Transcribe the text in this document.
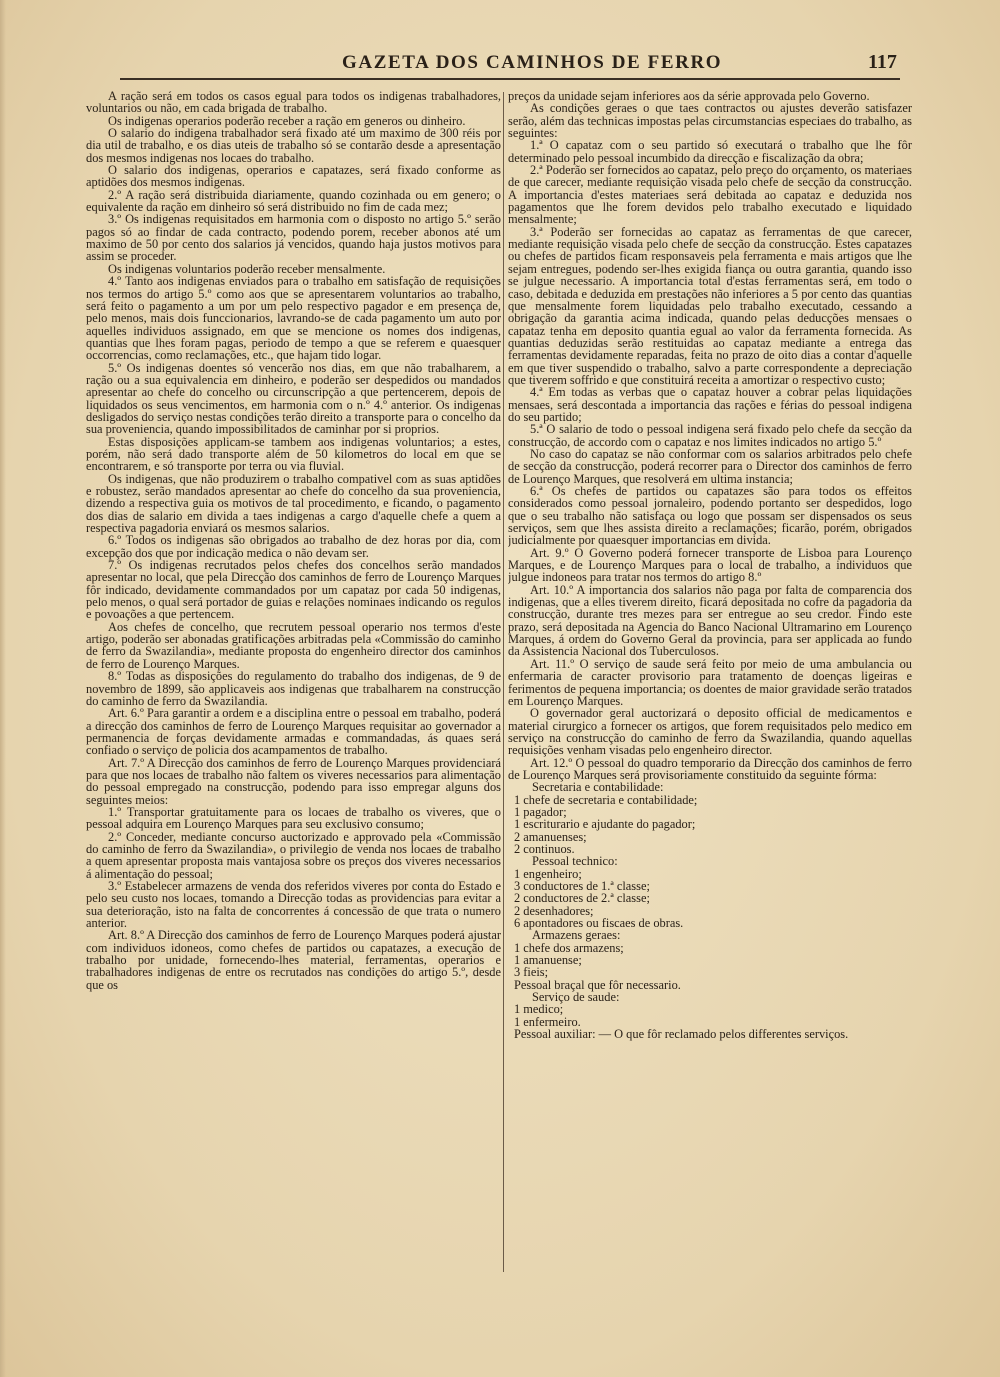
GAZETA DOS CAMINHOS DE FERRO	117

A ração será em todos os casos egual para todos os indigenas trabalhadores, voluntarios ou não, em cada brigada de trabalho.

Os indigenas operarios poderão receber a ração em generos ou dinheiro.

O salario do indigena trabalhador será fixado até um maximo de 300 réis por dia util de trabalho, e os dias uteis de trabalho só se contarão desde a apresentação dos mesmos indigenas nos locaes do trabalho.

O salario dos indigenas, operarios e capatazes, será fixado conforme as aptidões dos mesmos indigenas.

2.º A ração será distribuida diariamente, quando cozinhada ou em genero; o equivalente da ração em dinheiro só será distribuido no fim de cada mez;

3.º Os indigenas requisitados em harmonia com o disposto no artigo 5.º serão pagos só ao findar de cada contracto, podendo porem, receber abonos até um maximo de 50 por cento dos salarios já vencidos, quando haja justos motivos para assim se proceder.

Os indigenas voluntarios poderão receber mensalmente.

4.º Tanto aos indigenas enviados para o trabalho em satisfação de requisições nos termos do artigo 5.º como aos que se apresentarem voluntarios ao trabalho, será feito o pagamento a um por um pelo respectivo pagador e em presença de, pelo menos, mais dois funccionarios, lavrando-se de cada pagamento um auto por aquelles individuos assignado, em que se mencione os nomes dos indigenas, quantias que lhes foram pagas, periodo de tempo a que se referem e quaesquer occorrencias, como reclamações, etc., que hajam tido logar.

5.º Os indigenas doentes só vencerão nos dias, em que não trabalharem, a ração ou a sua equivalencia em dinheiro, e poderão ser despedidos ou mandados apresentar ao chefe do concelho ou circunscripção a que pertencerem, depois de liquidados os seus vencimentos, em harmonia com o n.º 4.º anterior. Os indigenas desligados do serviço nestas condições terão direito a transporte para o concelho da sua proveniencia, quando impossibilitados de caminhar por si proprios.

Estas disposições applicam-se tambem aos indigenas voluntarios; a estes, porém, não será dado transporte além de 50 kilometros do local em que se encontrarem, e só transporte por terra ou via fluvial.

Os indigenas, que não produzirem o trabalho compativel com as suas aptidões e robustez, serão mandados apresentar ao chefe do concelho da sua proveniencia, dizendo a respectiva guia os motivos de tal procedimento, e ficando, o pagamento dos dias de salario em divida a taes indigenas a cargo d'aquelle chefe a quem a respectiva pagadoria enviará os mesmos salarios.

6.º Todos os indigenas são obrigados ao trabalho de dez horas por dia, com excepção dos que por indicação medica o não devam ser.

7.º Os indigenas recrutados pelos chefes dos concelhos serão mandados apresentar no local, que pela Direcção dos caminhos de ferro de Lourenço Marques fôr indicado, devidamente commandados por um capataz por cada 50 indigenas, pelo menos, o qual será portador de guias e relações nominaes indicando os regulos e povoações a que pertencem.

Aos chefes de concelho, que recrutem pessoal operario nos termos d'este artigo, poderão ser abonadas gratificações arbitradas pela «Commissão do caminho de ferro da Swazilandia», mediante proposta do engenheiro director dos caminhos de ferro de Lourenço Marques.

8.º Todas as disposições do regulamento do trabalho dos indigenas, de 9 de novembro de 1899, são applicaveis aos indigenas que trabalharem na construcção do caminho de ferro da Swazilandia.

Art. 6.º Para garantir a ordem e a disciplina entre o pessoal em trabalho, poderá a direcção dos caminhos de ferro de Lourenço Marques requisitar ao governador a permanencia de forças devidamente armadas e commandadas, ás quaes será confiado o serviço de policia dos acampamentos de trabalho.

Art. 7.º A Direcção dos caminhos de ferro de Lourenço Marques providenciará para que nos locaes de trabalho não faltem os viveres necessarios para alimentação do pessoal empregado na construcção, podendo para isso empregar alguns dos seguintes meios:

1.º Transportar gratuitamente para os locaes de trabalho os viveres, que o pessoal adquira em Lourenço Marques para seu exclusivo consumo;

2.º Conceder, mediante concurso auctorizado e approvado pela «Commissão do caminho de ferro da Swazilandia», o privilegio de venda nos locaes de trabalho a quem apresentar proposta mais vantajosa sobre os preços dos viveres necessarios á alimentação do pessoal;

3.º Estabelecer armazens de venda dos referidos viveres por conta do Estado e pelo seu custo nos locaes, tomando a Direcção todas as providencias para evitar a sua deterioração, isto na falta de concorrentes á concessão de que trata o numero anterior.

Art. 8.º A Direcção dos caminhos de ferro de Lourenço Marques poderá ajustar com individuos idoneos, como chefes de partidos ou capatazes, a execução de trabalho por unidade, fornecendo-lhes material, ferramentas, operarios e trabalhadores indigenas de entre os recrutados nas condições do artigo 5.º, desde que os

preços da unidade sejam inferiores aos da série approvada pelo Governo.

As condições geraes o que taes contractos ou ajustes deverão satisfazer serão, além das technicas impostas pelas circumstancias especiaes do trabalho, as seguintes:

1.ª O capataz com o seu partido só executará o trabalho que lhe fôr determinado pelo pessoal incumbido da direcção e fiscalização da obra;

2.ª Poderão ser fornecidos ao capataz, pelo preço do orçamento, os materiaes de que carecer, mediante requisição visada pelo chefe de secção da construcção. A importancia d'estes materiaes será debitada ao capataz e deduzida nos pagamentos que lhe forem devidos pelo trabalho executado e liquidado mensalmente;

3.ª Poderão ser fornecidas ao capataz as ferramentas de que carecer, mediante requisição visada pelo chefe de secção da construcção. Estes capatazes ou chefes de partidos ficam responsaveis pela ferramenta e mais artigos que lhe sejam entregues, podendo ser-lhes exigida fiança ou outra garantia, quando isso se julgue necessario. A importancia total d'estas ferramentas será, em todo o caso, debitada e deduzida em prestações não inferiores a 5 por cento das quantias que mensalmente forem liquidadas pelo trabalho executado, cessando a obrigação da garantia acima indicada, quando pelas deducções mensaes o capataz tenha em deposito quantia egual ao valor da ferramenta fornecida. As quantias deduzidas serão restituidas ao capataz mediante a entrega das ferramentas devidamente reparadas, feita no prazo de oito dias a contar d'aquelle em que tiver suspendido o trabalho, salvo a parte correspondente a depreciação que tiverem soffrido e que constituirá receita a amortizar o respectivo custo;

4.ª Em todas as verbas que o capataz houver a cobrar pelas liquidações mensaes, será descontada a importancia das rações e férias do pessoal indigena do seu partido;

5.ª O salario de todo o pessoal indigena será fixado pelo chefe da secção da construcção, de accordo com o capataz e nos limites indicados no artigo 5.º

No caso do capataz se não conformar com os salarios arbitrados pelo chefe de secção da construcção, poderá recorrer para o Director dos caminhos de ferro de Lourenço Marques, que resolverá em ultima instancia;

6.ª Os chefes de partidos ou capatazes são para todos os effeitos considerados como pessoal jornaleiro, podendo portanto ser despedidos, logo que o seu trabalho não satisfaça ou logo que possam ser dispensados os seus serviços, sem que lhes assista direito a reclamações; ficarão, porém, obrigados judicialmente por quaesquer importancias em divida.

Art. 9.º O Governo poderá fornecer transporte de Lisboa para Lourenço Marques, e de Lourenço Marques para o local de trabalho, a individuos que julgue indoneos para tratar nos termos do artigo 8.º

Art. 10.º A importancia dos salarios não paga por falta de comparencia dos indigenas, que a elles tiverem direito, ficará depositada no cofre da pagadoria da construcção, durante tres mezes para ser entregue ao seu credor. Findo este prazo, será depositada na Agencia do Banco Nacional Ultramarino em Lourenço Marques, á ordem do Governo Geral da provincia, para ser applicada ao fundo da Assistencia Nacional dos Tuberculosos.

Art. 11.º O serviço de saude será feito por meio de uma ambulancia ou enfermaria de caracter provisorio para tratamento de doenças ligeiras e ferimentos de pequena importancia; os doentes de maior gravidade serão tratados em Lourenço Marques.

O governador geral auctorizará o deposito official de medicamentos e material cirurgico a fornecer os artigos, que forem requisitados pelo medico em serviço na construcção do caminho de ferro da Swazilandia, quando aquellas requisições venham visadas pelo engenheiro director.

Art. 12.º O pessoal do quadro temporario da Direcção dos caminhos de ferro de Lourenço Marques será provisoriamente constituido da seguinte fórma:

Secretaria e contabilidade:
1 chefe de secretaria e contabilidade;
1 pagador;
1 escriturario e ajudante do pagador;
2 amanuenses;
2 continuos.
Pessoal technico:
1 engenheiro;
3 conductores de 1.ª classe;
2 conductores de 2.ª classe;
2 desenhadores;
6 apontadores ou fiscaes de obras.
Armazens geraes:
1 chefe dos armazens;
1 amanuense;
3 fieis;
Pessoal braçal que fôr necessario.
Serviço de saude:
1 medico;
1 enfermeiro.
Pessoal auxiliar: — O que fôr reclamado pelos differentes serviços.
